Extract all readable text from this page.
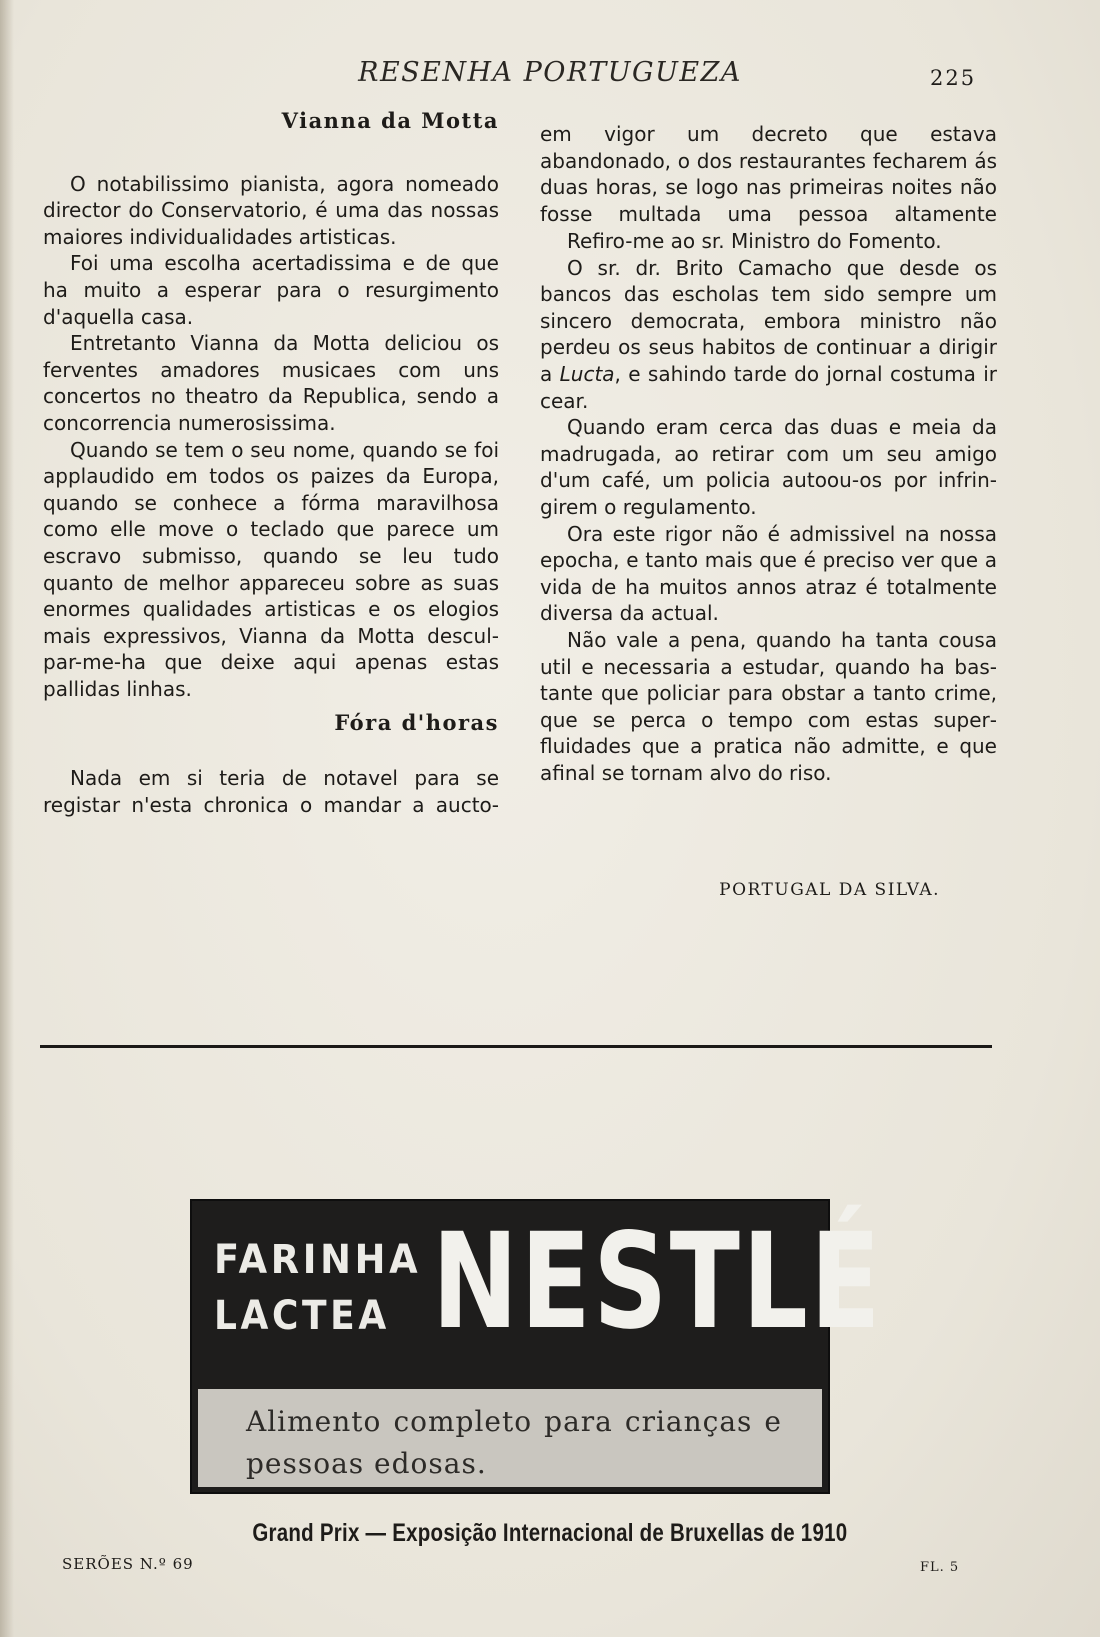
RESENHA PORTUGUEZA	225
Vianna da Motta

O notabilissimo pianista, agora nomeado director do Conservatorio, é uma das nossas maiores individualidades artisticas.

Foi uma escolha acertadissima e de que ha muito a esperar para o resurgimento d'aquella casa.

Entretanto Vianna da Motta deliciou os ferventes amadores musicaes com uns concertos no theatro da Republica, sendo a concorrencia numerosissima.

Quando se tem o seu nome, quando se foi applaudido em todos os paizes da Europa, quando se conhece a fórma maravilhosa como elle move o teclado que parece um escravo submisso, quando se leu tudo quanto de melhor appareceu sobre as suas enormes qualidades artisticas e os elogios mais expressivos, Vianna da Motta desculpar-me-ha que deixe aqui apenas estas pallidas linhas.

Fóra d'horas

Nada em si teria de notavel para se registar n'esta chronica o mandar a aucto

em vigor um decreto que estava abandonado, o dos restaurantes fecharem ás duas horas, se logo nas primeiras noites não fosse multada uma pessoa altamente

Refiro-me ao sr. Ministro do Fomento.

O sr. dr. Brito Camacho que desde os bancos das escholas tem sido sempre um sincero democrata, embora ministro não perdeu os seus habitos de continuar a dirigir a Lucta, e sahindo tarde do jornal costuma ir cear.

Quando eram cerca das duas e meia da madrugada, ao retirar com um seu amigo d'um café, um policia autoou-os por infringirem o regulamento.

Ora este rigor não é admissivel na nossa epocha, e tanto mais que é preciso ver que a vida de ha muitos annos atraz é totalmente diversa da actual.

Não vale a pena, quando ha tanta cousa util e necessaria a estudar, quando ha bastante que policiar para obstar a tanto crime, que se perca o tempo com estas superfluidades que a pratica não admitte, e que afinal se tornam alvo do riso.

PORTUGAL DA SILVA.
FARINHA
LACTEA NESTLÉ
Alimento completo para crianças e pessoas edosas.
Grand Prix — Exposição Internacional de Bruxellas de 1910
SERÕES N.º 69	FL. 5
